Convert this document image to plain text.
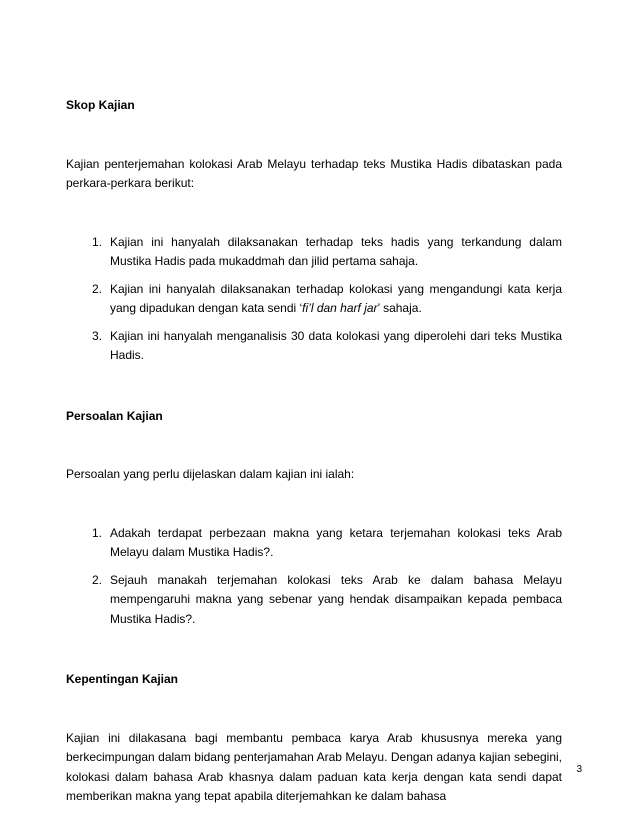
Skop Kajian

Kajian penterjemahan kolokasi Arab Melayu terhadap teks Mustika Hadis dibataskan pada perkara-perkara berikut:

1. Kajian ini hanyalah dilaksanakan terhadap teks hadis yang terkandung dalam Mustika Hadis pada mukaddmah dan jilid pertama sahaja.
2. Kajian ini hanyalah dilaksanakan terhadap kolokasi yang mengandungi kata kerja yang dipadukan dengan kata sendi ‘fi’l dan harf jar’ sahaja.
3. Kajian ini hanyalah menganalisis 30 data kolokasi yang diperolehi dari teks Mustika Hadis.

Persoalan Kajian

Persoalan yang perlu dijelaskan dalam kajian ini ialah:

1. Adakah terdapat perbezaan makna yang ketara terjemahan kolokasi teks Arab Melayu dalam Mustika Hadis?.
2. Sejauh manakah terjemahan kolokasi teks Arab ke dalam bahasa Melayu mempengaruhi makna yang sebenar yang hendak disampaikan kepada pembaca Mustika Hadis?.

Kepentingan Kajian

Kajian ini dilakasana bagi membantu pembaca karya Arab khususnya mereka yang berkecimpungan dalam bidang penterjamahan Arab Melayu. Dengan adanya kajian sebegini, kolokasi dalam bahasa Arab khasnya dalam paduan kata kerja dengan kata sendi dapat memberikan makna yang tepat apabila diterjemahkan ke dalam bahasa

3
